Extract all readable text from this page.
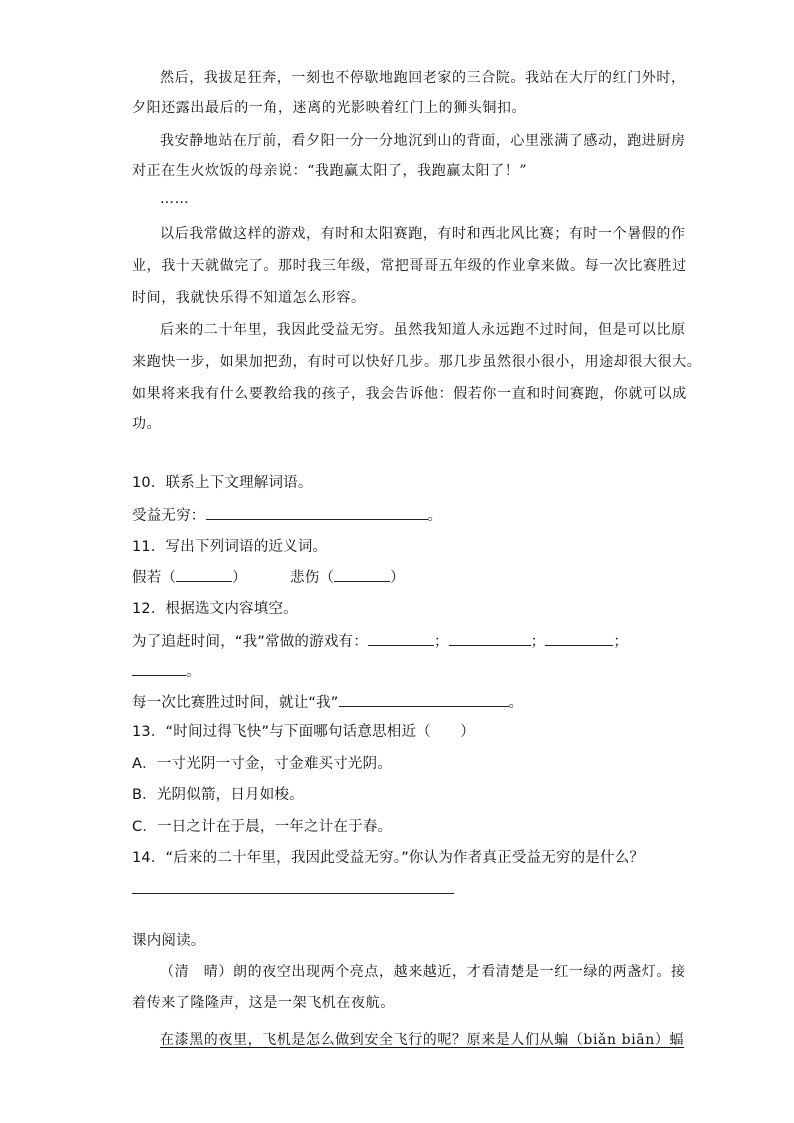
然后，我拔足狂奔，一刻也不停歇地跑回老家的三合院。我站在大厅的红门外时，
夕阳还露出最后的一角，迷离的光影映着红门上的狮头铜扣。
我安静地站在厅前，看夕阳一分一分地沉到山的背面，心里涨满了感动，跑进厨房
对正在生火炊饭的母亲说：“我跑赢太阳了，我跑赢太阳了！”
……
以后我常做这样的游戏，有时和太阳赛跑，有时和西北风比赛；有时一个暑假的作
业，我十天就做完了。那时我三年级，常把哥哥五年级的作业拿来做。每一次比赛胜过
时间，我就快乐得不知道怎么形容。
后来的二十年里，我因此受益无穷。虽然我知道人永远跑不过时间，但是可以比原
来跑快一步，如果加把劲，有时可以快好几步。那几步虽然很小很小，用途却很大很大。
如果将来我有什么要教给我的孩子，我会告诉他：假若你一直和时间赛跑，你就可以成
功。
10．联系上下文理解词语。
受益无穷：	。
11．写出下列词语的近义词。
假若（	）	悲伤（	）
12．根据选文内容填空。
为了追赶时间，“我”常做的游戏有：	；	；	；
。
每一次比赛胜过时间，就让“我”	。
13．“时间过得飞快”与下面哪句话意思相近（　　）
A．一寸光阴一寸金，寸金难买寸光阴。
B．光阴似箭，日月如梭。
C．一日之计在于晨，一年之计在于春。
14．“后来的二十年里，我因此受益无穷。”你认为作者真正受益无穷的是什么？
课内阅读。
（清　晴）朗的夜空出现两个亮点，越来越近，才看清楚是一红一绿的两盏灯。接
着传来了隆隆声，这是一架飞机在夜航。
在漆黑的夜里，飞机是怎么做到安全飞行的呢？原来是人们从蝙（biǎn biān）蝠
